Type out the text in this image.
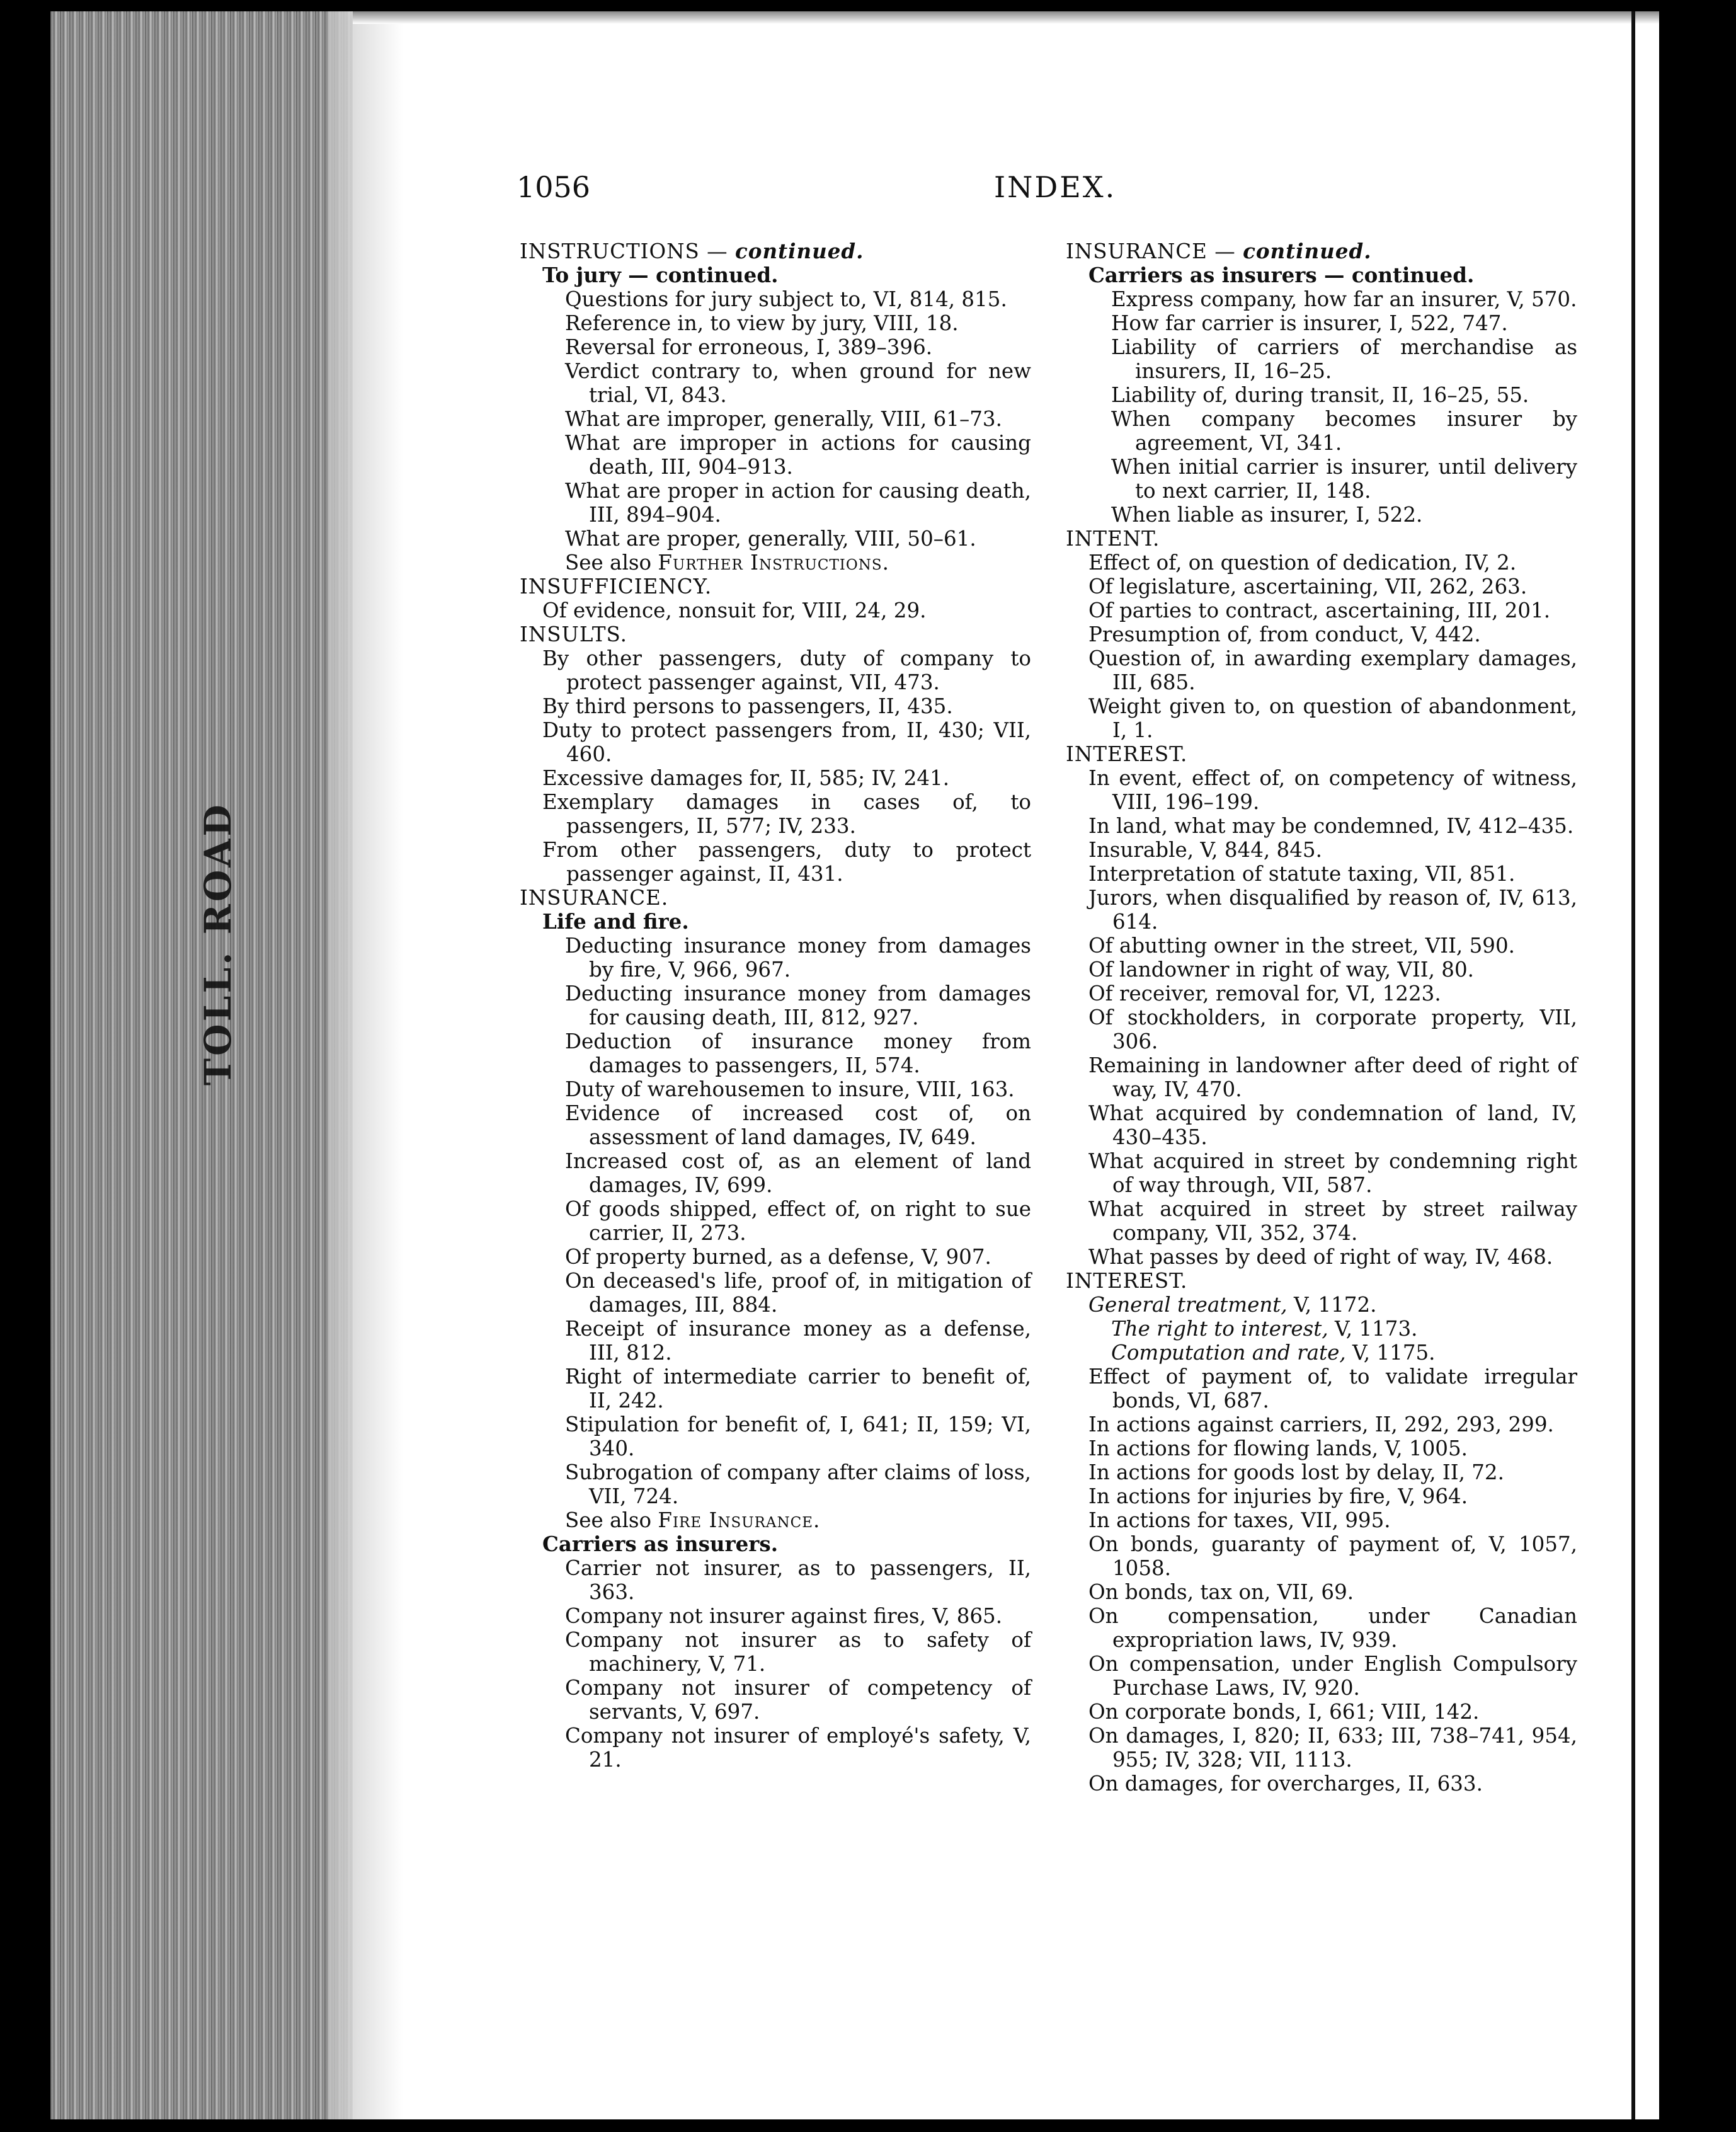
TOLL. ROAD
1056	INDEX.

INSTRUCTIONS — continued.

To jury — continued.

Questions for jury subject to, VI, 814, 815.

Reference in, to view by jury, VIII, 18.

Reversal for erroneous, I, 389–396.

Verdict contrary to, when ground for new trial, VI, 843.

What are improper, generally, VIII, 61–73.

What are improper in actions for causing death, III, 904–913.

What are proper in action for causing death, III, 894–904.

What are proper, generally, VIII, 50–61.

See also Further Instructions.

INSUFFICIENCY.

Of evidence, nonsuit for, VIII, 24, 29.

INSULTS.

By other passengers, duty of company to protect passenger against, VII, 473.

By third persons to passengers, II, 435.

Duty to protect passengers from, II, 430; VII, 460.

Excessive damages for, II, 585; IV, 241.

Exemplary damages in cases of, to passengers, II, 577; IV, 233.

From other passengers, duty to protect passenger against, II, 431.

INSURANCE.

Life and fire.

Deducting insurance money from damages by fire, V, 966, 967.

Deducting insurance money from damages for causing death, III, 812, 927.

Deduction of insurance money from damages to passengers, II, 574.

Duty of warehousemen to insure, VIII, 163.

Evidence of increased cost of, on assessment of land damages, IV, 649.

Increased cost of, as an element of land damages, IV, 699.

Of goods shipped, effect of, on right to sue carrier, II, 273.

Of property burned, as a defense, V, 907.

On deceased's life, proof of, in mitigation of damages, III, 884.

Receipt of insurance money as a defense, III, 812.

Right of intermediate carrier to benefit of, II, 242.

Stipulation for benefit of, I, 641; II, 159; VI, 340.

Subrogation of company after claims of loss, VII, 724.

See also Fire Insurance.

Carriers as insurers.

Carrier not insurer, as to passengers, II, 363.

Company not insurer against fires, V, 865.

Company not insurer as to safety of machinery, V, 71.

Company not insurer of competency of servants, V, 697.

Company not insurer of employé's safety, V, 21.

INSURANCE — continued.

Carriers as insurers — continued.

Express company, how far an insurer, V, 570.

How far carrier is insurer, I, 522, 747.

Liability of carriers of merchandise as insurers, II, 16–25.

Liability of, during transit, II, 16–25, 55.

When company becomes insurer by agreement, VI, 341.

When initial carrier is insurer, until delivery to next carrier, II, 148.

When liable as insurer, I, 522.

INTENT.

Effect of, on question of dedication, IV, 2.

Of legislature, ascertaining, VII, 262, 263.

Of parties to contract, ascertaining, III, 201.

Presumption of, from conduct, V, 442.

Question of, in awarding exemplary damages, III, 685.

Weight given to, on question of abandonment, I, 1.

INTEREST.

In event, effect of, on competency of witness, VIII, 196–199.

In land, what may be condemned, IV, 412–435.

Insurable, V, 844, 845.

Interpretation of statute taxing, VII, 851.

Jurors, when disqualified by reason of, IV, 613, 614.

Of abutting owner in the street, VII, 590.

Of landowner in right of way, VII, 80.

Of receiver, removal for, VI, 1223.

Of stockholders, in corporate property, VII, 306.

Remaining in landowner after deed of right of way, IV, 470.

What acquired by condemnation of land, IV, 430–435.

What acquired in street by condemning right of way through, VII, 587.

What acquired in street by street railway company, VII, 352, 374.

What passes by deed of right of way, IV, 468.

INTEREST.

General treatment, V, 1172.

The right to interest, V, 1173.

Computation and rate, V, 1175.

Effect of payment of, to validate irregular bonds, VI, 687.

In actions against carriers, II, 292, 293, 299.

In actions for flowing lands, V, 1005.

In actions for goods lost by delay, II, 72.

In actions for injuries by fire, V, 964.

In actions for taxes, VII, 995.

On bonds, guaranty of payment of, V, 1057, 1058.

On bonds, tax on, VII, 69.

On compensation, under Canadian expropriation laws, IV, 939.

On compensation, under English Compulsory Purchase Laws, IV, 920.

On corporate bonds, I, 661; VIII, 142.

On damages, I, 820; II, 633; III, 738–741, 954, 955; IV, 328; VII, 1113.

On damages, for overcharges, II, 633.
